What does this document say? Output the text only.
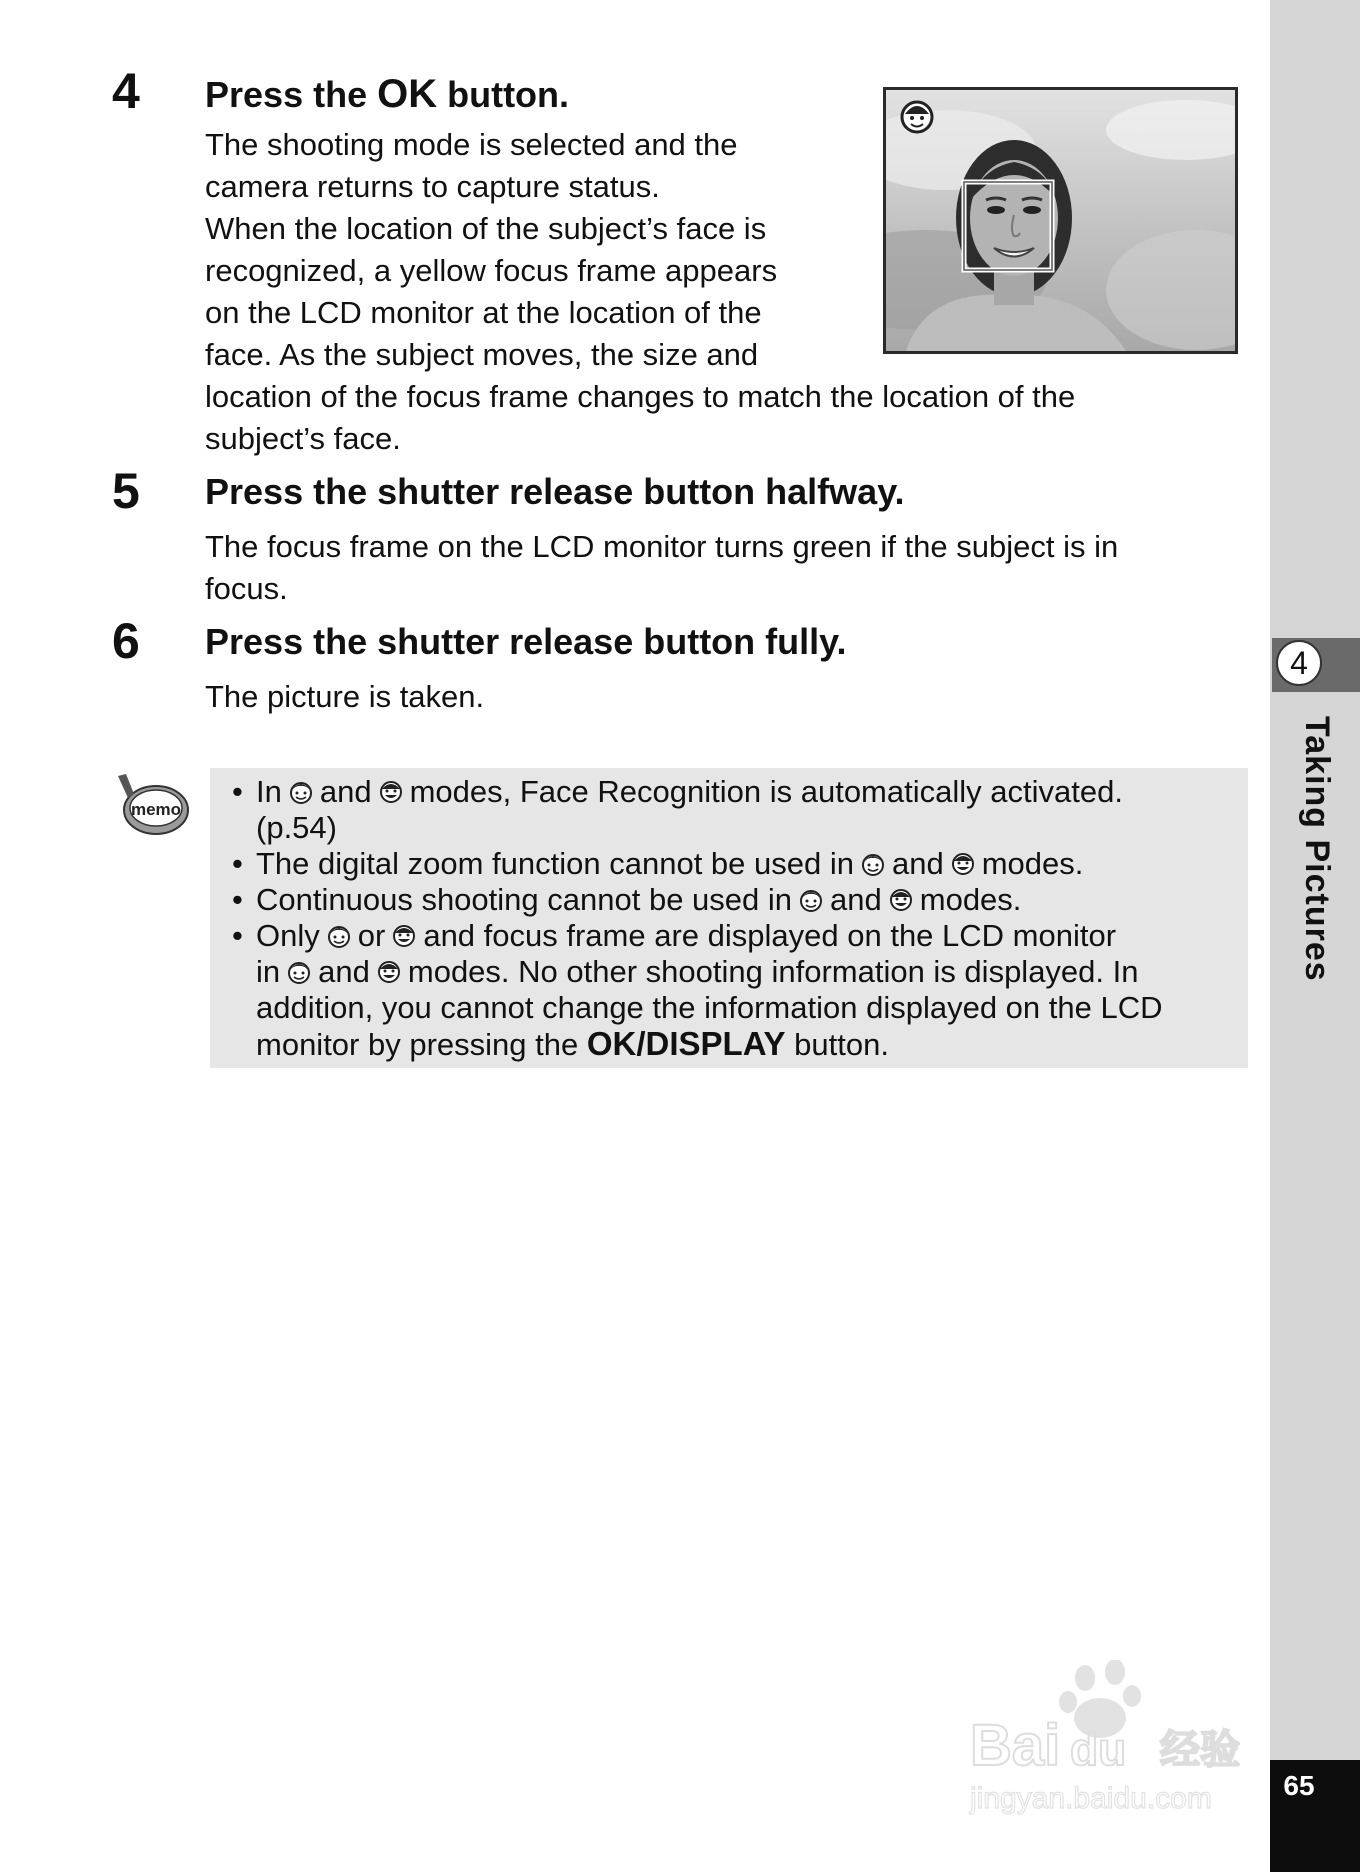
4
Taking Pictures
65
4 Press the OK button.
The shooting mode is selected and the
camera returns to capture status.
When the location of the subject’s face is
recognized, a yellow focus frame appears
on the LCD monitor at the location of the
face. As the subject moves, the size and
location of the focus frame changes to match the location of the
subject’s face.
5 Press the shutter release button halfway.
The focus frame on the LCD monitor turns green if the subject is in
focus.
6 Press the shutter release button fully.
The picture is taken.
memo
• In and modes, Face Recognition is automatically activated.
(p.54)
• The digital zoom function cannot be used in and modes.
• Continuous shooting cannot be used in and modes.
• Only or and focus frame are displayed on the LCD monitor
in and modes. No other shooting information is displayed. In
addition, you cannot change the information displayed on the LCD
monitor by pressing the OK/DISPLAY button.
Bai du 经验
jingyan.baidu.com
